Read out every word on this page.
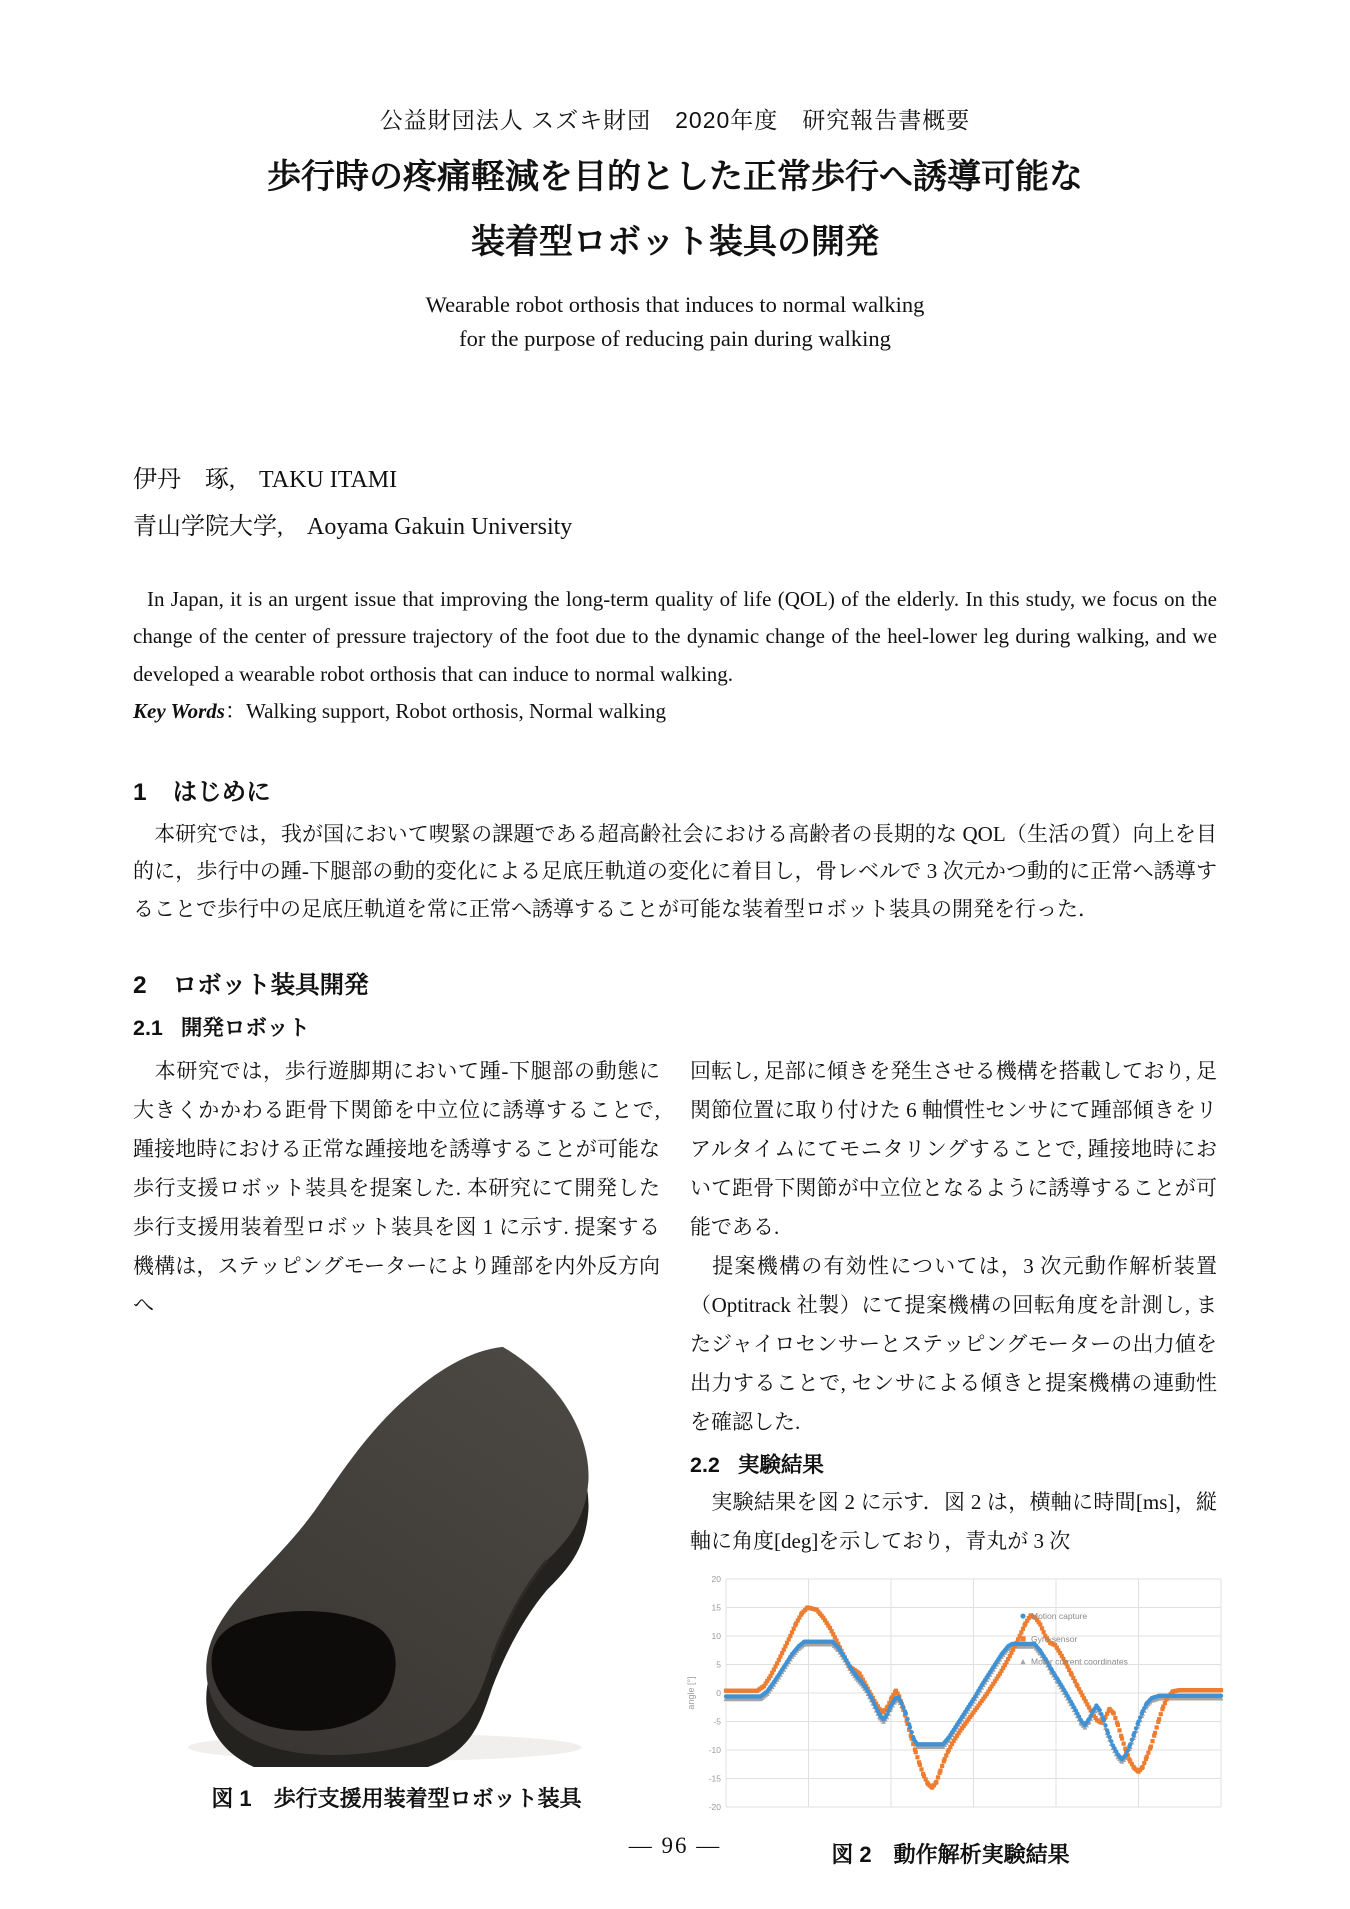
公益財団法人 スズキ財団　2020年度　研究報告書概要
歩行時の疼痛軽減を目的とした正常歩行へ誘導可能な
装着型ロボット装具の開発
Wearable robot orthosis that induces to normal walking
for the purpose of reducing pain during walking
伊丹　琢,　TAKU ITAMI
青山学院大学,　Aoyama Gakuin University
In Japan, it is an urgent issue that improving the long-term quality of life (QOL) of the elderly. In this study, we focus on the change of the center of pressure trajectory of the foot due to the dynamic change of the heel-lower leg during walking, and we developed a wearable robot orthosis that can induce to normal walking.
Key Words：Walking support, Robot orthosis, Normal walking
1 はじめに
　本研究では，我が国において喫緊の課題である超高齢社会における高齢者の長期的な QOL（生活の質）向上を目的に，歩行中の踵-下腿部の動的変化による足底圧軌道の変化に着目し，骨レベルで 3 次元かつ動的に正常へ誘導することで歩行中の足底圧軌道を常に正常へ誘導することが可能な装着型ロボット装具の開発を行った．
2 ロボット装具開発
2.1 開発ロボット

　本研究では，歩行遊脚期において踵-下腿部の動態に大きくかかわる距骨下関節を中立位に誘導することで, 踵接地時における正常な踵接地を誘導することが可能な歩行支援ロボット装具を提案した. 本研究にて開発した歩行支援用装着型ロボット装具を図 1 に示す. 提案する機構は，ステッピングモーターにより踵部を内外反方向へ

図 1 歩行支援用装着型ロボット装具

回転し, 足部に傾きを発生させる機構を搭載しており, 足関節位置に取り付けた 6 軸慣性センサにて踵部傾きをリアルタイムにてモニタリングすることで, 踵接地時において距骨下関節が中立位となるように誘導することが可能である.

　提案機構の有効性については，3 次元動作解析装置（Optitrack 社製）にて提案機構の回転角度を計測し, またジャイロセンサーとステッピングモーターの出力値を出力することで, センサによる傾きと提案機構の連動性を確認した.

2.2 実験結果

　実験結果を図 2 に示す．図 2 は，横軸に時間[ms]，縦軸に角度[deg]を示しており，青丸が 3 次

20
15
10
5
0
-5
-10
-15
-20
angle [°]
Motion capture
Gyro sensor
Motor current coordinates
図 2 動作解析実験結果
― 96 ―
